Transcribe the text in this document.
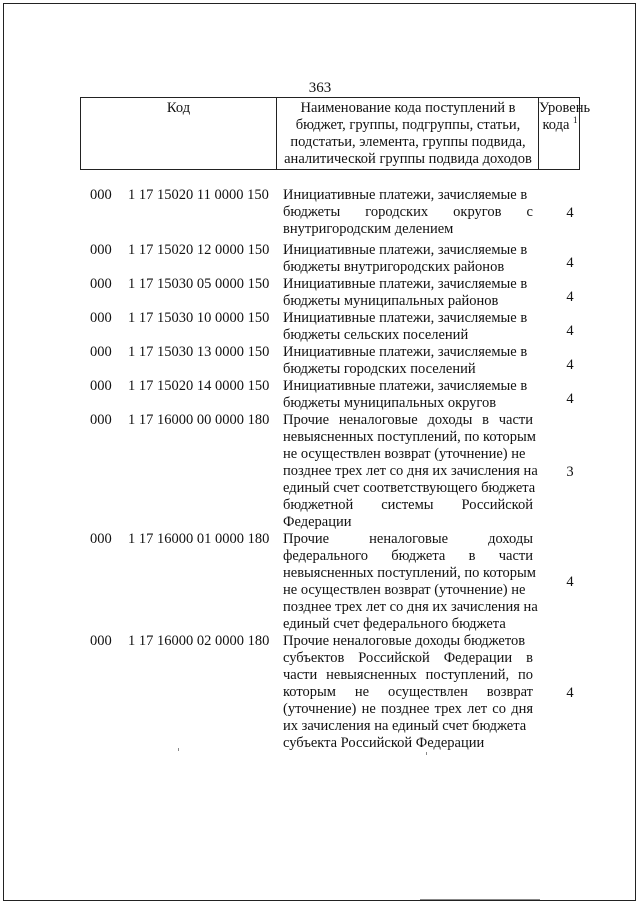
363
Код	Наименование кода поступлений в
бюджет, группы, подгруппы, статьи,
подстатьи, элемента, группы подвида,
аналитической группы подвида доходов
Уровень
кода $^1$
000 1 17 15020 11 0000 150 Инициативные платежи, зачисляемые в
бюджеты городских округов с
внутригородским делением
4
000 1 17 15020 12 0000 150 Инициативные платежи, зачисляемые в
бюджеты внутригородских районов	4
000 1 17 15030 05 0000 150 Инициативные платежи, зачисляемые в
бюджеты муниципальных районов	4
000 1 17 15030 10 0000 150 Инициативные платежи, зачисляемые в
бюджеты сельских поселений	4
000 1 17 15030 13 0000 150 Инициативные платежи, зачисляемые в
бюджеты городских поселений	4
000 1 17 15020 14 0000 150 Инициативные платежи, зачисляемые в
бюджеты муниципальных округов	4
000 1 17 16000 00 0000 180 Прочие неналоговые доходы в части
невыясненных поступлений, по которым
не осуществлен возврат (уточнение) не
позднее трех лет со дня их зачисления на
единый счет соответствующего бюджета
бюджетной системы Российской
Федерации
3
000 1 17 16000 01 0000 180 Прочие неналоговые доходы
федерального бюджета в части
невыясненных поступлений, по которым
не осуществлен возврат (уточнение) не
позднее трех лет со дня их зачисления на
единый счет федерального бюджета
4
000 1 17 16000 02 0000 180 Прочие неналоговые доходы бюджетов
субъектов Российской Федерации в
части невыясненных поступлений, по
которым не осуществлен возврат
(уточнение) не позднее трех лет со дня
их зачисления на единый счет бюджета
субъекта Российской Федерации
4
